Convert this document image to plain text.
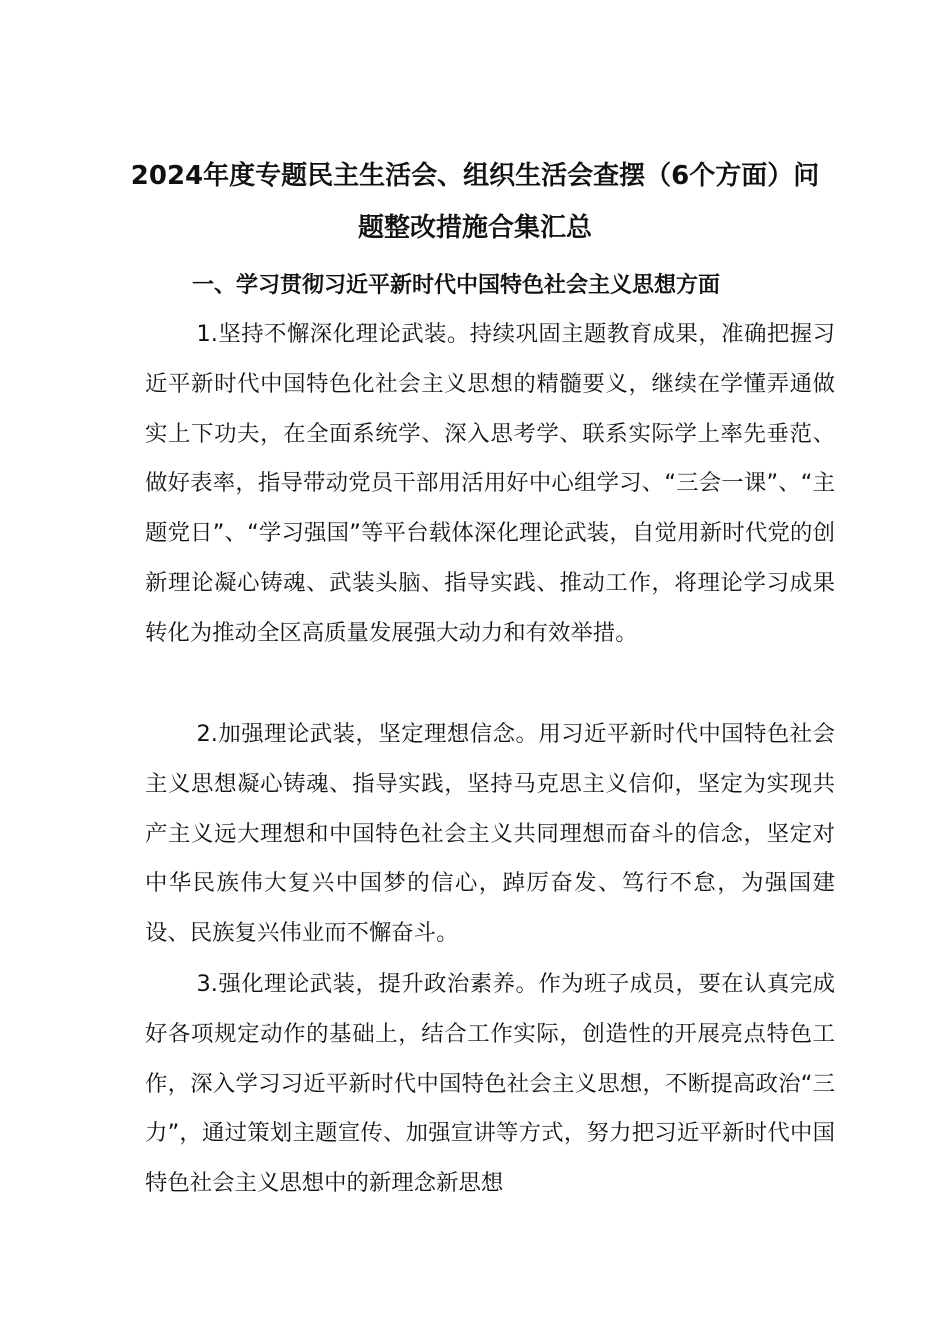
2024年度专题民主生活会、组织生活会查摆（6个方面）问题整改措施合集汇总
一、学习贯彻习近平新时代中国特色社会主义思想方面
1.坚持不懈深化理论武装。持续巩固主题教育成果，准确把握习近平新时代中国特色化社会主义思想的精髓要义，继续在学懂弄通做实上下功夫，在全面系统学、深入思考学、联系实际学上率先垂范、做好表率，指导带动党员干部用活用好中心组学习、“三会一课”、“主题党日”、“学习强国”等平台载体深化理论武装，自觉用新时代党的创新理论凝心铸魂、武装头脑、指导实践、推动工作，将理论学习成果转化为推动全区高质量发展强大动力和有效举措。
2.加强理论武装，坚定理想信念。用习近平新时代中国特色社会主义思想凝心铸魂、指导实践，坚持马克思主义信仰，坚定为实现共产主义远大理想和中国特色社会主义共同理想而奋斗的信念，坚定对中华民族伟大复兴中国梦的信心，踔厉奋发、笃行不怠，为强国建设、民族复兴伟业而不懈奋斗。
3.强化理论武装，提升政治素养。作为班子成员，要在认真完成好各项规定动作的基础上，结合工作实际，创造性的开展亮点特色工作，深入学习习近平新时代中国特色社会主义思想，不断提高政治“三力”，通过策划主题宣传、加强宣讲等方式，努力把习近平新时代中国特色社会主义思想中的新理念新思想
